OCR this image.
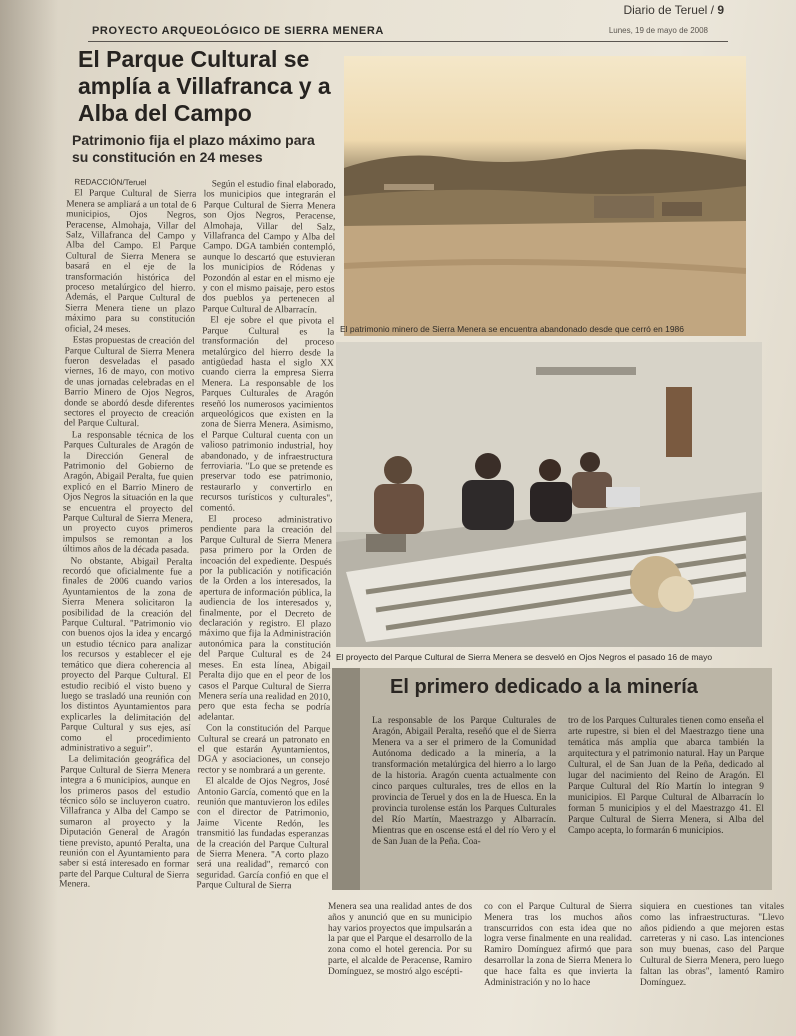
PROYECTO ARQUEOLÓGICO DE SIERRA MENERA
Diario de Teruel / 9
Lunes, 19 de mayo de 2008
El Parque Cultural se amplía a Villafranca y a Alba del Campo
Patrimonio fija el plazo máximo para su constitución en 24 meses

REDACCIÓN/Teruel

El Parque Cultural de Sierra Menera se ampliará a un total de 6 municipios, Ojos Negros, Peracense, Almohaja, Villar del Salz, Villafranca del Campo y Alba del Campo. El Parque Cultural de Sierra Menera se basará en el eje de la transformación histórica del proceso metalúrgico del hierro. Además, el Parque Cultural de Sierra Menera tiene un plazo máximo para su constitución oficial, 24 meses.

Estas propuestas de creación del Parque Cultural de Sierra Menera fueron desveladas el pasado viernes, 16 de mayo, con motivo de unas jornadas celebradas en el Barrio Minero de Ojos Negros, donde se abordó desde diferentes sectores el proyecto de creación del Parque Cultural.

La responsable técnica de los Parques Culturales de Aragón de la Dirección General de Patrimonio del Gobierno de Aragón, Abigail Peralta, fue quien explicó en el Barrio Minero de Ojos Negros la situación en la que se encuentra el proyecto del Parque Cultural de Sierra Menera, un proyecto cuyos primeros impulsos se remontan a los últimos años de la década pasada.

No obstante, Abigail Peralta recordó que oficialmente fue a finales de 2006 cuando varios Ayuntamientos de la zona de Sierra Menera solicitaron la posibilidad de la creación del Parque Cultural. "Patrimonio vio con buenos ojos la idea y encargó un estudio técnico para analizar los recursos y establecer el eje temático que diera coherencia al proyecto del Parque Cultural. El estudio recibió el visto bueno y luego se trasladó una reunión con los distintos Ayuntamientos para explicarles la delimitación del Parque Cultural y sus ejes, así como el procedimiento administrativo a seguir".

La delimitación geográfica del Parque Cultural de Sierra Menera integra a 6 municipios, aunque en los primeros pasos del estudio técnico sólo se incluyeron cuatro. Villafranca y Alba del Campo se sumaron al proyecto y la Diputación General de Aragón tiene previsto, apuntó Peralta, una reunión con el Ayuntamiento para saber si está interesado en formar parte del Parque Cultural de Sierra Menera.

Según el estudio final elaborado, los municipios que integrarán el Parque Cultural de Sierra Menera son Ojos Negros, Peracense, Almohaja, Villar del Salz, Villafranca del Campo y Alba del Campo. DGA también contempló, aunque lo descartó que estuvieran los municipios de Ródenas y Pozondón al estar en el mismo eje y con el mismo paisaje, pero estos dos pueblos ya pertenecen al Parque Cultural de Albarracín.

El eje sobre el que pivota el Parque Cultural es la transformación del proceso metalúrgico del hierro desde la antigüedad hasta el siglo XX cuando cierra la empresa Sierra Menera. La responsable de los Parques Culturales de Aragón reseñó los numerosos yacimientos arqueológicos que existen en la zona de Sierra Menera. Asimismo, el Parque Cultural cuenta con un valioso patrimonio industrial, hoy abandonado, y de infraestructura ferroviaria. "Lo que se pretende es preservar todo ese patrimonio, restaurarlo y convertirlo en recursos turísticos y culturales", comentó.

El proceso administrativo pendiente para la creación del Parque Cultural de Sierra Menera pasa primero por la Orden de incoación del expediente. Después por la publicación y notificación de la Orden a los interesados, la apertura de información pública, la audiencia de los interesados y, finalmente, por el Decreto de declaración y registro. El plazo máximo que fija la Administración autonómica para la constitución del Parque Cultural es de 24 meses. En esta línea, Abigail Peralta dijo que en el peor de los casos el Parque Cultural de Sierra Menera sería una realidad en 2010, pero que esta fecha se podría adelantar.

Con la constitución del Parque Cultural se creará un patronato en el que estarán Ayuntamientos, DGA y asociaciones, un consejo rector y se nombrará a un gerente.

El alcalde de Ojos Negros, José Antonio García, comentó que en la reunión que mantuvieron los ediles con el director de Patrimonio, Jaime Vicente Redón, les transmitió las fundadas esperanzas de la creación del Parque Cultural de Sierra Menera. "A corto plazo será una realidad", remarcó con seguridad. García confió en que el Parque Cultural de Sierra

El patrimonio minero de Sierra Menera se encuentra abandonado desde que cerró en 1986
El proyecto del Parque Cultural de Sierra Menera se desveló en Ojos Negros el pasado 16 de mayo
El primero dedicado a la minería
La responsable de los Parque Culturales de Aragón, Abigail Peralta, reseñó que el de Sierra Menera va a ser el primero de la Comunidad Autónoma dedicado a la minería, a la transformación metalúrgica del hierro a lo largo de la historia. Aragón cuenta actualmente con cinco parques culturales, tres de ellos en la provincia de Teruel y dos en la de Huesca. En la provincia turolense están los Parques Culturales del Río Martín, Maestrazgo y Albarracín. Mientras que en oscense está el del río Vero y el de San Juan de la Peña. Coa-
tro de los Parques Culturales tienen como enseña el arte rupestre, si bien el del Maestrazgo tiene una temática más amplia que abarca también la arquitectura y el patrimonio natural. Hay un Parque Cultural, el de San Juan de la Peña, dedicado al lugar del nacimiento del Reino de Aragón. El Parque Cultural del Río Martín lo integran 9 municipios. El Parque Cultural de Albarracín lo forman 5 municipios y el del Maestrazgo 41. El Parque Cultural de Sierra Menera, si Alba del Campo acepta, lo formarán 6 municipios.
Menera sea una realidad antes de dos años y anunció que en su municipio hay varios proyectos que impulsarán a la par que el Parque el desarrollo de la zona como el hotel gerencia. Por su parte, el alcalde de Peracense, Ramiro Domínguez, se mostró algo escépti-
co con el Parque Cultural de Sierra Menera tras los muchos años transcurridos con esta idea que no logra verse finalmente en una realidad. Ramiro Domínguez afirmó que para desarrollar la zona de Sierra Menera lo que hace falta es que invierta la Administración y no lo hace
siquiera en cuestiones tan vitales como las infraestructuras. "Llevo años pidiendo a que mejoren estas carreteras y ni caso. Las intenciones son muy buenas, caso del Parque Cultural de Sierra Menera, pero luego faltan las obras", lamentó Ramiro Domínguez.
